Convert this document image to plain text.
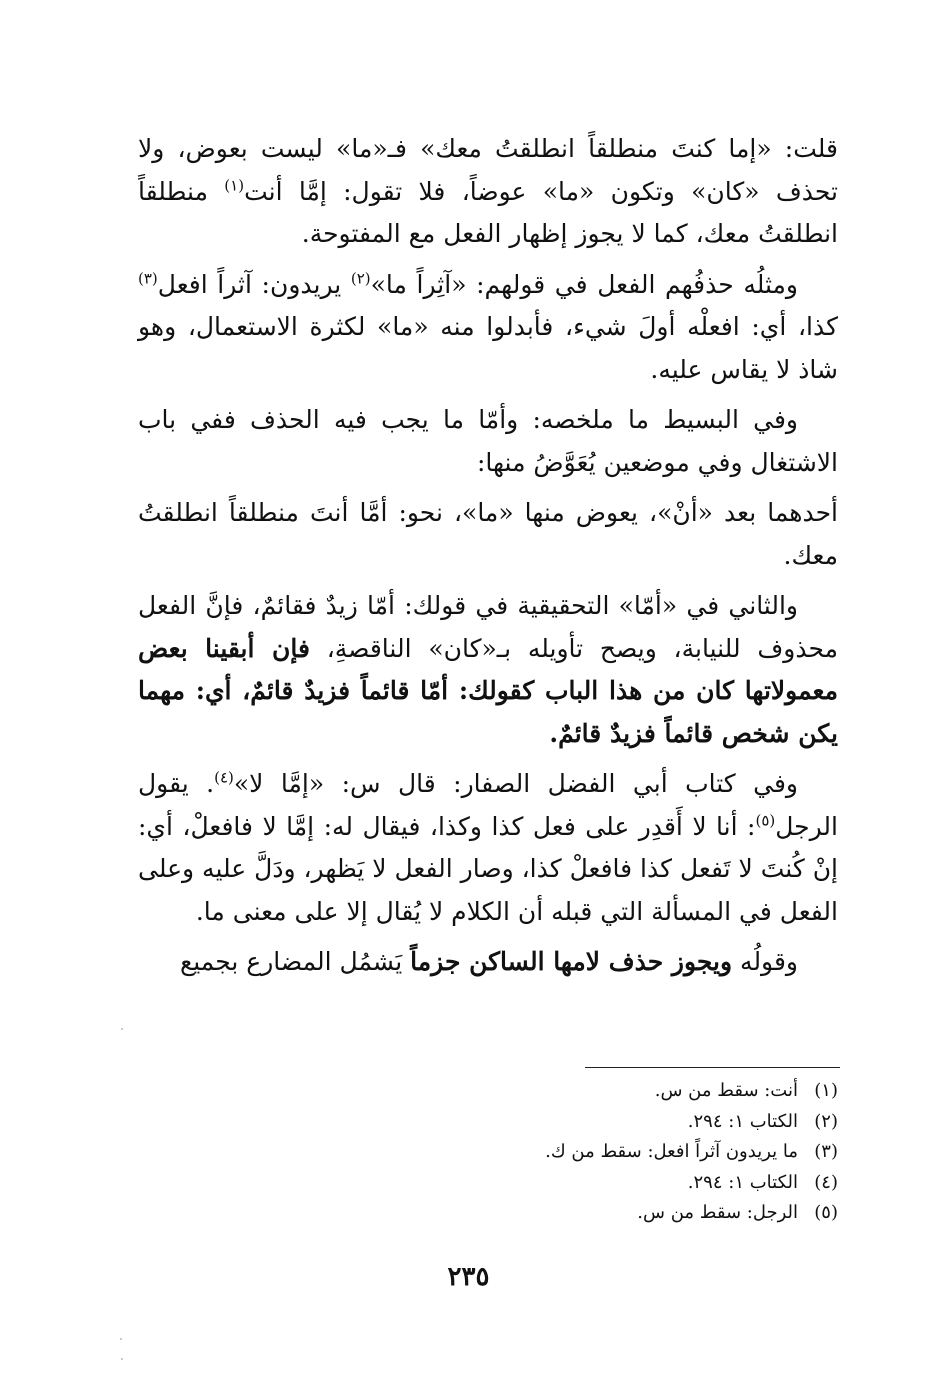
قلت: «إما كنتَ منطلقاً انطلقتُ معك» فـ«ما» ليست بعوض، ولا تحذف «كان» وتكون «ما» عوضاً، فلا تقول: إمَّا أنت$^{(١)}$ منطلقاً انطلقتُ معك، كما لا يجوز إظهار الفعل مع المفتوحة.

ومثلُه حذفُهم الفعل في قولهم: «آثِراً ما»$^{(٢)}$ يريدون: آثراً افعل$^{(٣)}$ كذا، أي: افعلْه أولَ شيء، فأبدلوا منه «ما» لكثرة الاستعمال، وهو شاذ لا يقاس عليه.

وفي البسيط ما ملخصه: وأمّا ما يجب فيه الحذف ففي باب الاشتغال وفي موضعين يُعَوَّضُ منها:

أحدهما بعد «أنْ»، يعوض منها «ما»، نحو: أمَّا أنتَ منطلقاً انطلقتُ معك.

والثاني في «أمّا» التحقيقية في قولك: أمّا زيدٌ فقائمٌ، فإنَّ الفعل محذوف للنيابة، ويصح تأويله بـ«كان» الناقصةِ، فإن أبقينا بعض معمولاتها كان من هذا الباب كقولك: أمّا قائماً فزيدٌ قائمٌ، أي: مهما يكن شخص قائماً فزيدٌ قائمٌ.

وفي كتاب أبي الفضل الصفار: قال س: «إمَّا لا»$^{(٤)}$. يقول الرجل$^{(٥)}$: أنا لا أَقدِر على فعل كذا وكذا، فيقال له: إمَّا لا فافعلْ، أي: إنْ كُنتَ لا تَفعل كذا فافعلْ كذا، وصار الفعل لا يَظهر، ودَلَّ عليه وعلى الفعل في المسألة التي قبله أن الكلام لا يُقال إلا على معنى ما.

وقولُه ويجوز حذف لامها الساكن جزماً يَشمُل المضارع بجميع

(١)أنت: سقط من س.
(٢)الكتاب ١: ٢٩٤.
(٣)ما يريدون آثراً افعل: سقط من ك.
(٤)الكتاب ١: ٢٩٤.
(٥)الرجل: سقط من س.
٢٣٥
